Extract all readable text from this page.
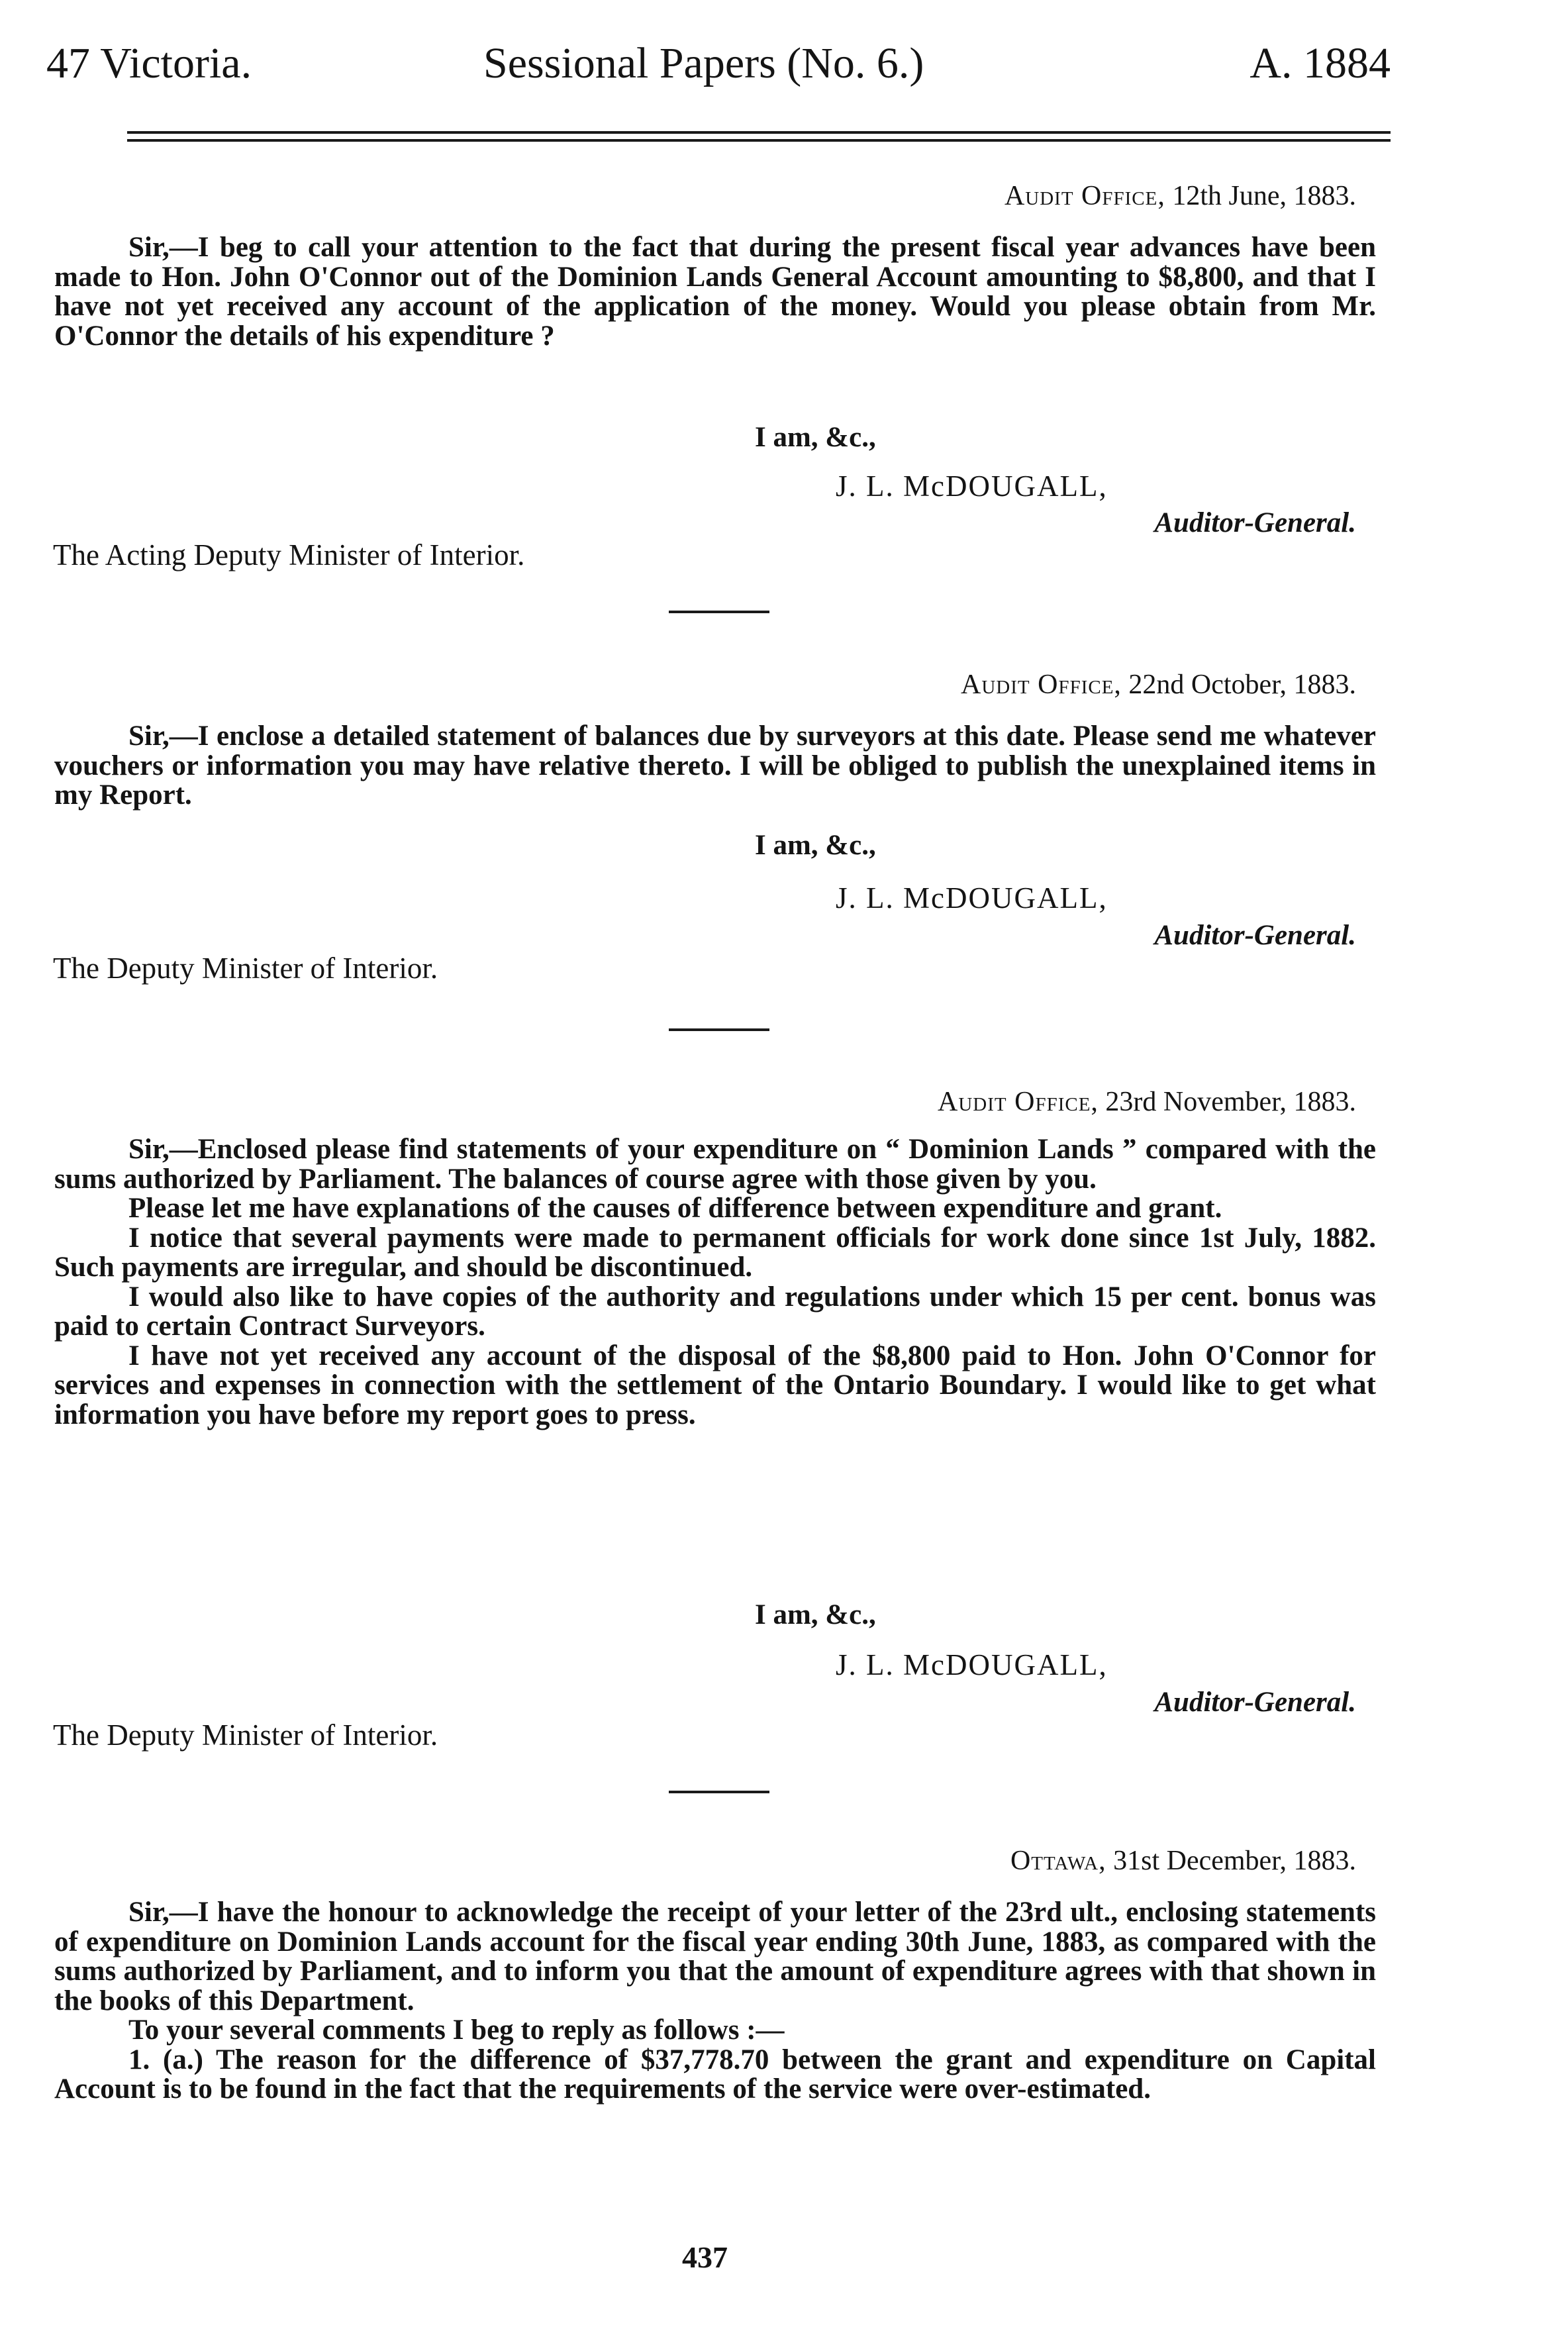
47 Victoria.	Sessional Papers (No. 6.)	A. 1884
Audit Office, 12th June, 1883.

Sir,—I beg to call your attention to the fact that during the present fiscal year advances have been made to Hon. John O'Connor out of the Dominion Lands General Account amounting to $8,800, and that I have not yet received any account of the application of the money. Would you please obtain from Mr. O'Connor the details of his expenditure ?

I am, &c.,
J. L. McDOUGALL,
Auditor-General.
The Acting Deputy Minister of Interior.
Audit Office, 22nd October, 1883.

Sir,—I enclose a detailed statement of balances due by surveyors at this date. Please send me whatever vouchers or information you may have relative thereto. I will be obliged to publish the unexplained items in my Report.

I am, &c.,
J. L. McDOUGALL,
Auditor-General.
The Deputy Minister of Interior.
Audit Office, 23rd November, 1883.

Sir,—Enclosed please find statements of your expenditure on “ Dominion Lands ” compared with the sums authorized by Parliament. The balances of course agree with those given by you.

Please let me have explanations of the causes of difference between expenditure and grant.

I notice that several payments were made to permanent officials for work done since 1st July, 1882. Such payments are irregular, and should be discontinued.

I would also like to have copies of the authority and regulations under which 15 per cent. bonus was paid to certain Contract Surveyors.

I have not yet received any account of the disposal of the $8,800 paid to Hon. John O'Connor for services and expenses in connection with the settlement of the Ontario Boundary. I would like to get what information you have before my report goes to press.

I am, &c.,
J. L. McDOUGALL,
Auditor-General.
The Deputy Minister of Interior.
Ottawa, 31st December, 1883.

Sir,—I have the honour to acknowledge the receipt of your letter of the 23rd ult., enclosing statements of expenditure on Dominion Lands account for the fiscal year ending 30th June, 1883, as compared with the sums authorized by Parliament, and to inform you that the amount of expenditure agrees with that shown in the books of this Department.

To your several comments I beg to reply as follows :—

1. (a.) The reason for the difference of $37,778.70 between the grant and expenditure on Capital Account is to be found in the fact that the requirements of the service were over-estimated.

437
